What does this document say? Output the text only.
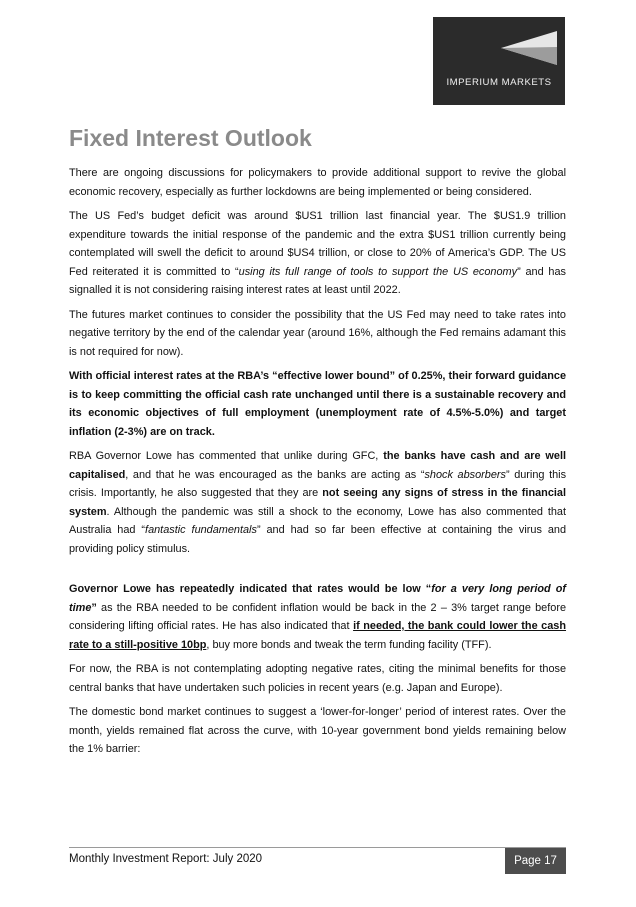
IMPERIUM MARKETS
Fixed Interest Outlook

There are ongoing discussions for policymakers to provide additional support to revive the global economic recovery, especially as further lockdowns are being implemented or being considered.

The US Fed’s budget deficit was around $US1 trillion last financial year. The $US1.9 trillion expenditure towards the initial response of the pandemic and the extra $US1 trillion currently being contemplated will swell the deficit to around $US4 trillion, or close to 20% of America’s GDP. The US Fed reiterated it is committed to “using its full range of tools to support the US economy” and has signalled it is not considering raising interest rates at least until 2022.

The futures market continues to consider the possibility that the US Fed may need to take rates into negative territory by the end of the calendar year (around 16%, although the Fed remains adamant this is not required for now).

With official interest rates at the RBA’s “effective lower bound” of 0.25%, their forward guidance is to keep committing the official cash rate unchanged until there is a sustainable recovery and its economic objectives of full employment (unemployment rate of 4.5%-5.0%) and target inflation (2-3%) are on track.

RBA Governor Lowe has commented that unlike during GFC, the banks have cash and are well capitalised, and that he was encouraged as the banks are acting as “shock absorbers” during this crisis. Importantly, he also suggested that they are not seeing any signs of stress in the financial system. Although the pandemic was still a shock to the economy, Lowe has also commented that Australia had “fantastic fundamentals” and had so far been effective at containing the virus and providing policy stimulus.

Governor Lowe has repeatedly indicated that rates would be low “for a very long period of time” as the RBA needed to be confident inflation would be back in the 2 – 3% target range before considering lifting official rates. He has also indicated that if needed, the bank could lower the cash rate to a still-positive 10bp, buy more bonds and tweak the term funding facility (TFF).

For now, the RBA is not contemplating adopting negative rates, citing the minimal benefits for those central banks that have undertaken such policies in recent years (e.g. Japan and Europe).

The domestic bond market continues to suggest a ‘lower-for-longer’ period of interest rates. Over the month, yields remained flat across the curve, with 10-year government bond yields remaining below the 1% barrier:

Monthly Investment Report: July 2020	Page 17
